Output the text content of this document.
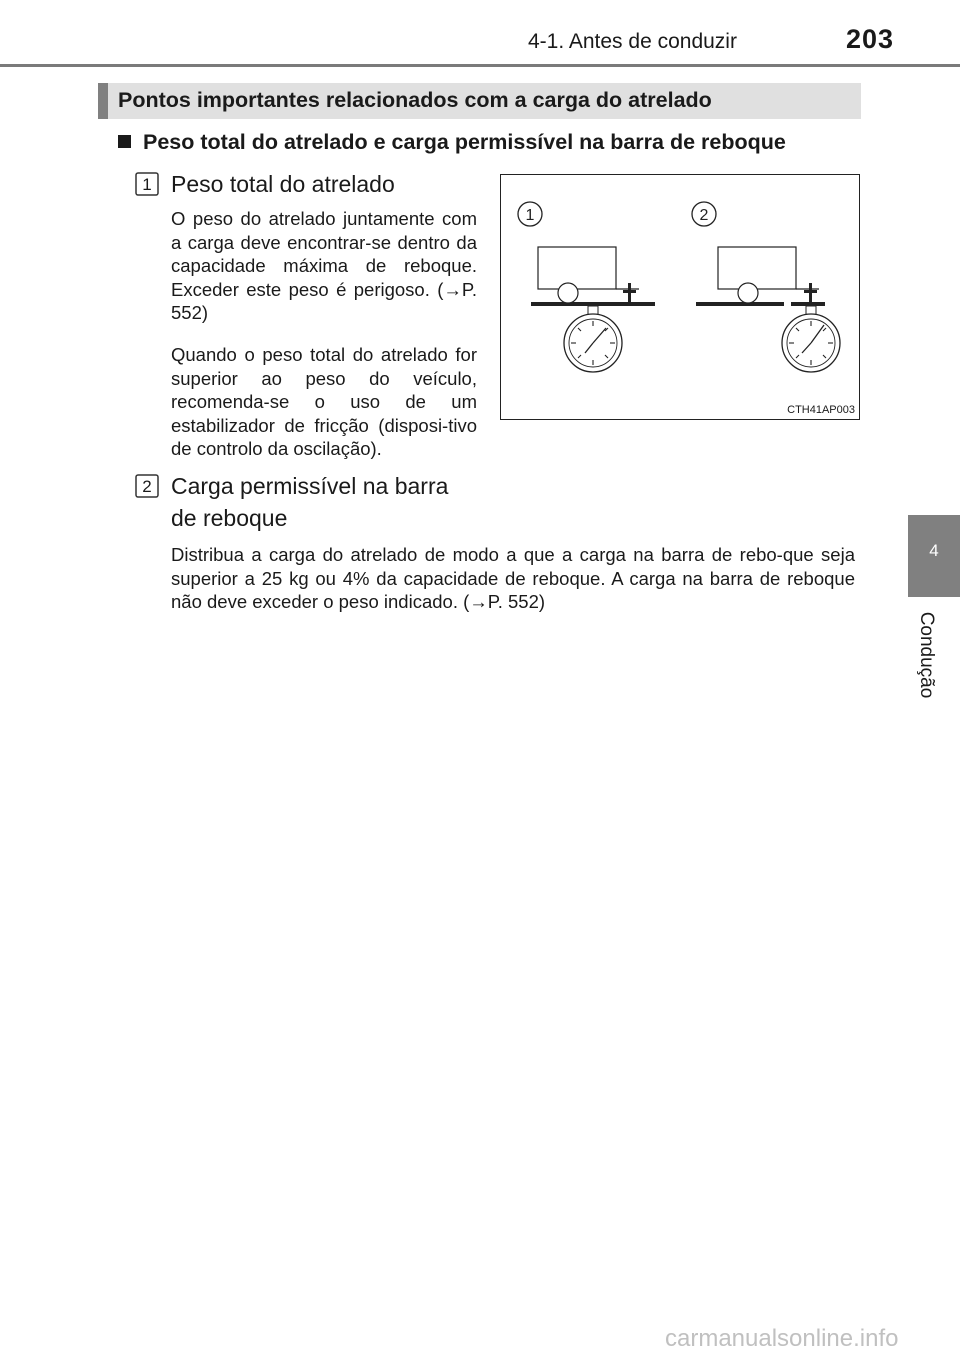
4-1. Antes de conduzir	203
Pontos importantes relacionados com a carga do atrelado
Peso total do atrelado e carga permissível na barra de reboque
1 Peso total do atrelado
O peso do atrelado juntamente com a carga deve encontrar-se dentro da capacidade máxima de reboque. Exceder este peso é perigoso. (→P. 552)
Quando o peso total do atrelado for superior ao peso do veículo, recomenda-se o uso de um estabilizador de fricção (disposi-tivo de controlo da oscilação).
2 Carga permissível na barra
de reboque
Distribua a carga do atrelado de modo a que a carga na barra de rebo-que seja superior a 25 kg ou 4% da capacidade de reboque. A carga na barra de reboque não deve exceder o peso indicado. (→P. 552)
1	2
CTH41AP003
4
Condução
carmanualsonline.info
